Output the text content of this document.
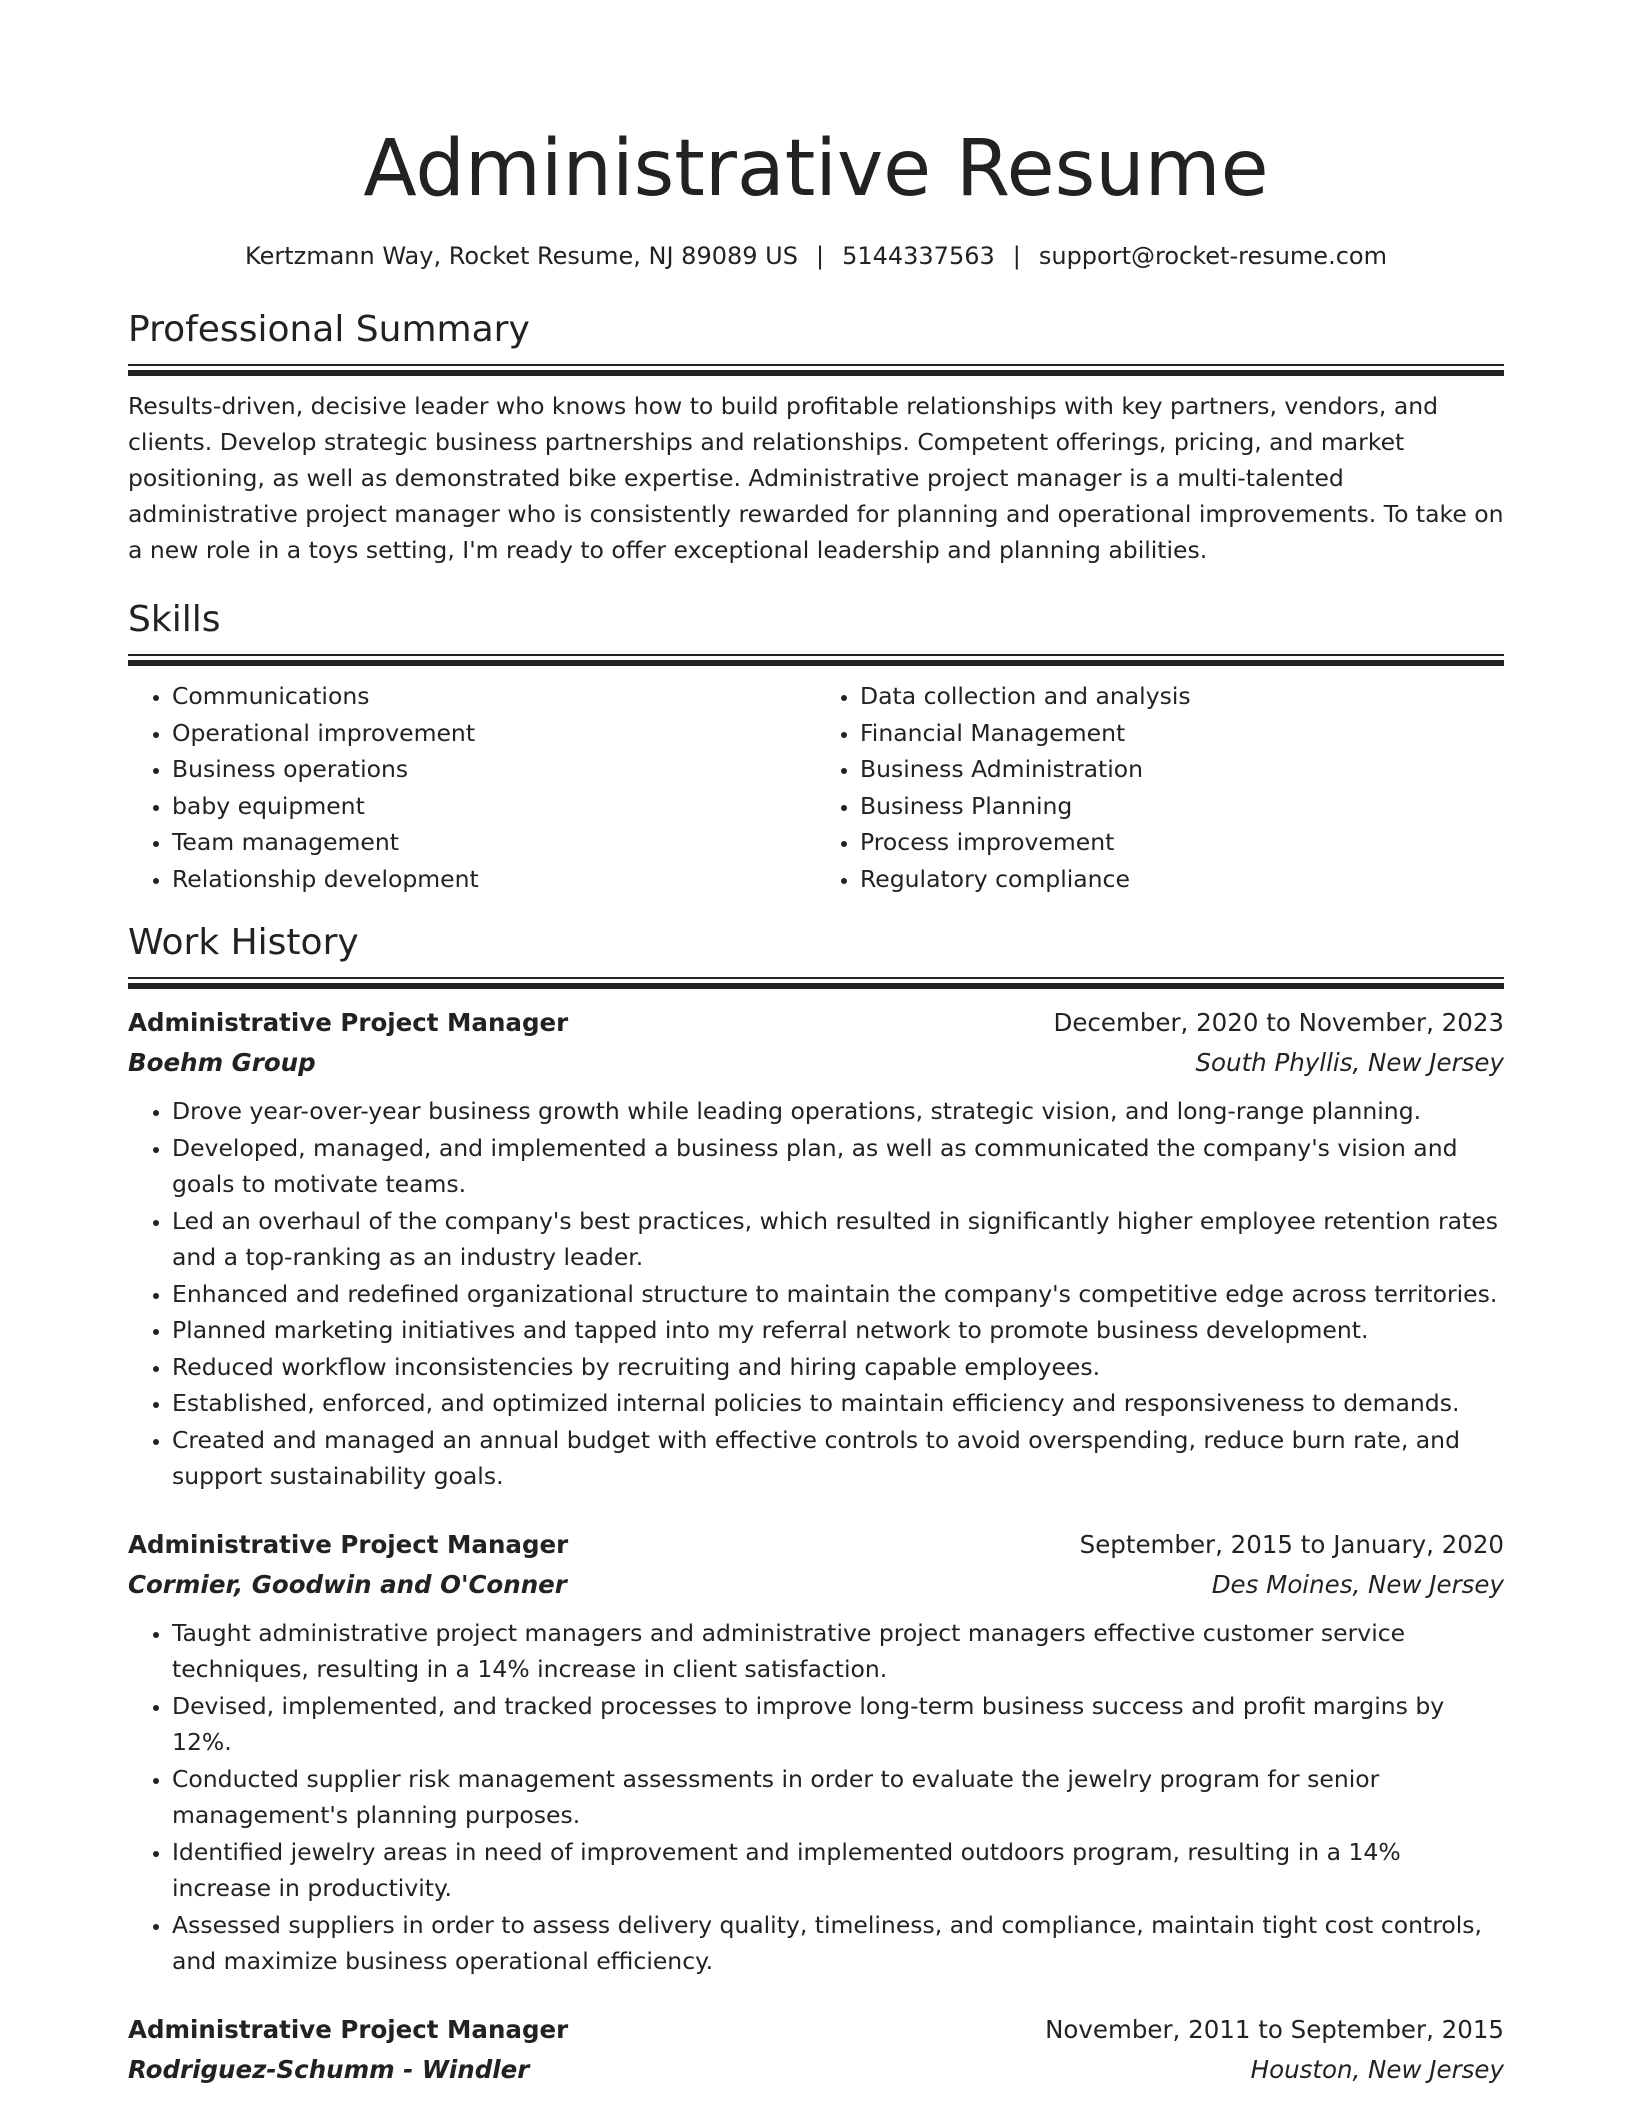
Administrative Resume
Kertzmann Way, Rocket Resume, NJ 89089 US | 5144337563 | support@rocket-resume.com
Professional Summary

Results-driven, decisive leader who knows how to build profitable relationships with key partners, vendors, and clients. Develop strategic business partnerships and relationships. Competent offerings, pricing, and market positioning, as well as demonstrated bike expertise. Administrative project manager is a multi-talented administrative project manager who is consistently rewarded for planning and operational improvements. To take on a new role in a toys setting, I'm ready to offer exceptional leadership and planning abilities.

Skills
• Communications
• Operational improvement
• Business operations
• baby equipment
• Team management
• Relationship development
• Data collection and analysis
• Financial Management
• Business Administration
• Business Planning
• Process improvement
• Regulatory compliance
Work History
Administrative Project Manager	December, 2020 to November, 2023
Boehm Group	South Phyllis, New Jersey
• Drove year-over-year business growth while leading operations, strategic vision, and long-range planning.
• Developed, managed, and implemented a business plan, as well as communicated the company's vision and goals to motivate teams.
• Led an overhaul of the company's best practices, which resulted in significantly higher employee retention rates and a top-ranking as an industry leader.
• Enhanced and redefined organizational structure to maintain the company's competitive edge across territories.
• Planned marketing initiatives and tapped into my referral network to promote business development.
• Reduced workflow inconsistencies by recruiting and hiring capable employees.
• Established, enforced, and optimized internal policies to maintain efficiency and responsiveness to demands.
• Created and managed an annual budget with effective controls to avoid overspending, reduce burn rate, and support sustainability goals.
Administrative Project Manager	September, 2015 to January, 2020
Cormier, Goodwin and O'Conner	Des Moines, New Jersey
• Taught administrative project managers and administrative project managers effective customer service techniques, resulting in a 14% increase in client satisfaction.
• Devised, implemented, and tracked processes to improve long-term business success and profit margins by 12%.
• Conducted supplier risk management assessments in order to evaluate the jewelry program for senior management's planning purposes.
• Identified jewelry areas in need of improvement and implemented outdoors program, resulting in a 14% increase in productivity.
• Assessed suppliers in order to assess delivery quality, timeliness, and compliance, maintain tight cost controls, and maximize business operational efficiency.
Administrative Project Manager	November, 2011 to September, 2015
Rodriguez-Schumm - Windler	Houston, New Jersey
